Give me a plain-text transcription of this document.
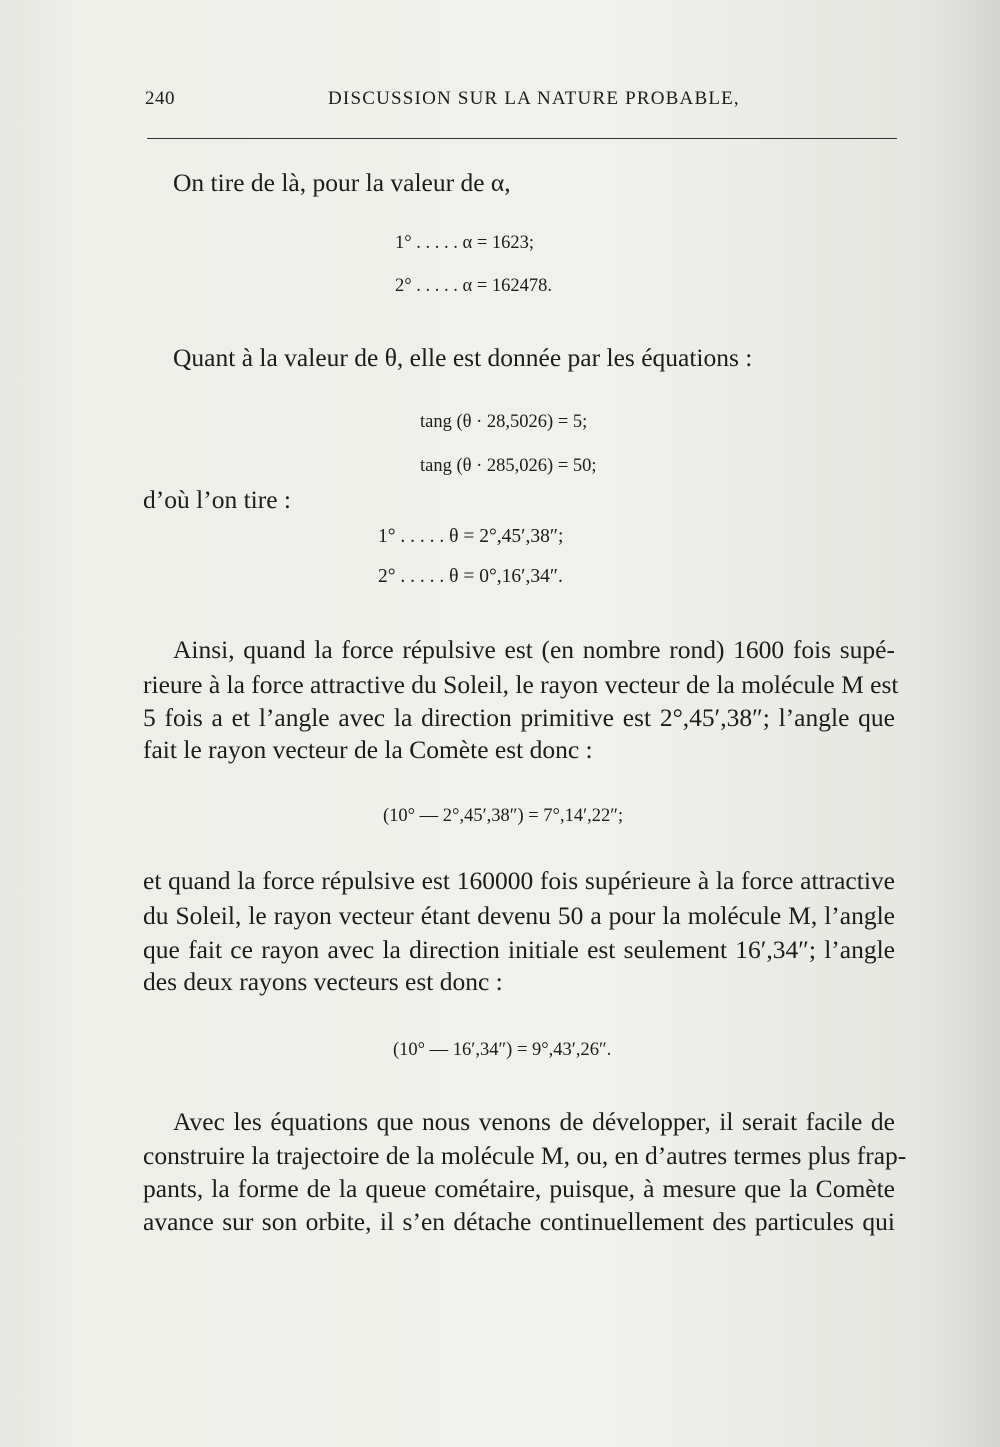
240	DISCUSSION SUR LA NATURE PROBABLE,
On tire de là, pour la valeur de α,
1° . . . . . α = 1623;
2° . . . . . α = 162478.
Quant à la valeur de θ, elle est donnée par les équations :
tang (θ · 28,5026) = 5;
tang (θ · 285,026) = 50;
d’où l’on tire :
1° . . . . . θ = 2°,45′,38″;
2° . . . . . θ = 0°,16′,34″.
Ainsi, quand la force répulsive est (en nombre rond) 1600 fois supé-
rieure à la force attractive du Soleil, le rayon vecteur de la molécule M est
5 fois a et l’angle avec la direction primitive est 2°,45′,38″; l’angle que
fait le rayon vecteur de la Comète est donc :
(10° — 2°,45′,38″) = 7°,14′,22″;
et quand la force répulsive est 160000 fois supérieure à la force attractive
du Soleil, le rayon vecteur étant devenu 50 a pour la molécule M, l’angle
que fait ce rayon avec la direction initiale est seulement 16′,34″; l’angle
des deux rayons vecteurs est donc :
(10° — 16′,34″) = 9°,43′,26″.
Avec les équations que nous venons de développer, il serait facile de
construire la trajectoire de la molécule M, ou, en d’autres termes plus frap-
pants, la forme de la queue cométaire, puisque, à mesure que la Comète
avance sur son orbite, il s’en détache continuellement des particules qui
